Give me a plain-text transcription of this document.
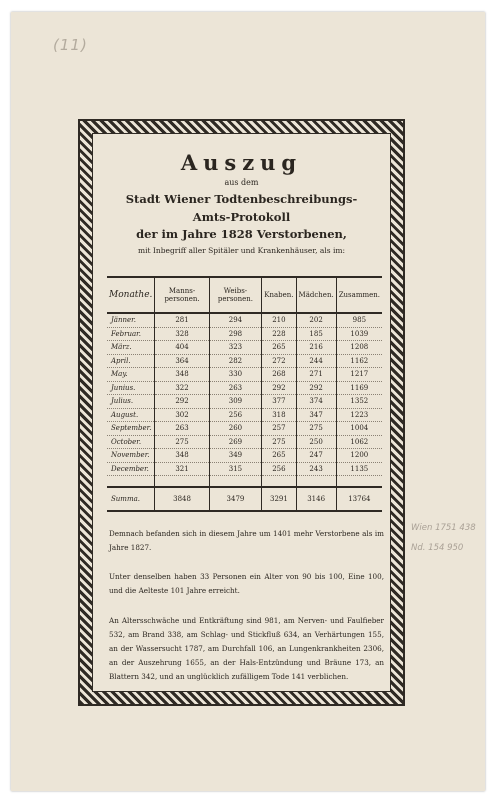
(11)
Wien 1751 438
Nd. 154 950
Auszug
aus dem
Stadt Wiener Todtenbeschreibungs-
Amts-Protokoll
der im Jahre 1828 Verstorbenen,
mit Inbegriff aller Spitäler und Krankenhäuser, als im:
Monathe.	Manns-personen.	Weibs-personen.	Knaben.	Mädchen.	Zusammen.
Jänner.	281	294	210	202	985
Februar.	328	298	228	185	1039
März.	404	323	265	216	1208
April.	364	282	272	244	1162
May.	348	330	268	271	1217
Junius.	322	263	292	292	1169
Julius.	292	309	377	374	1352
August.	302	256	318	347	1223
September.	263	260	257	275	1004
October.	275	269	275	250	1062
November.	348	349	265	247	1200
December.	321	315	256	243	1135

Summa.	3848	3479	3291	3146	13764
Demnach befanden sich in diesem Jahre um 1401 mehr Verstorbene als im Jahre 1827.
Unter denselben haben 33 Personen ein Alter von 90 bis 100, Eine 100, und die Aelteste 101 Jahre erreicht.
An Altersschwäche und Entkräftung sind 981, am Nerven- und Faulfieber 532, am Brand 338, am Schlag- und Stickfluß 634, an Verhärtungen 155, an der Wassersucht 1787, am Durchfall 106, an Lungenkrankheiten 2306, an der Auszehrung 1655, an der Hals-Entzündung und Bräune 173, an Blattern 342, und an unglücklich zufälligem Tode 141 verblichen.
